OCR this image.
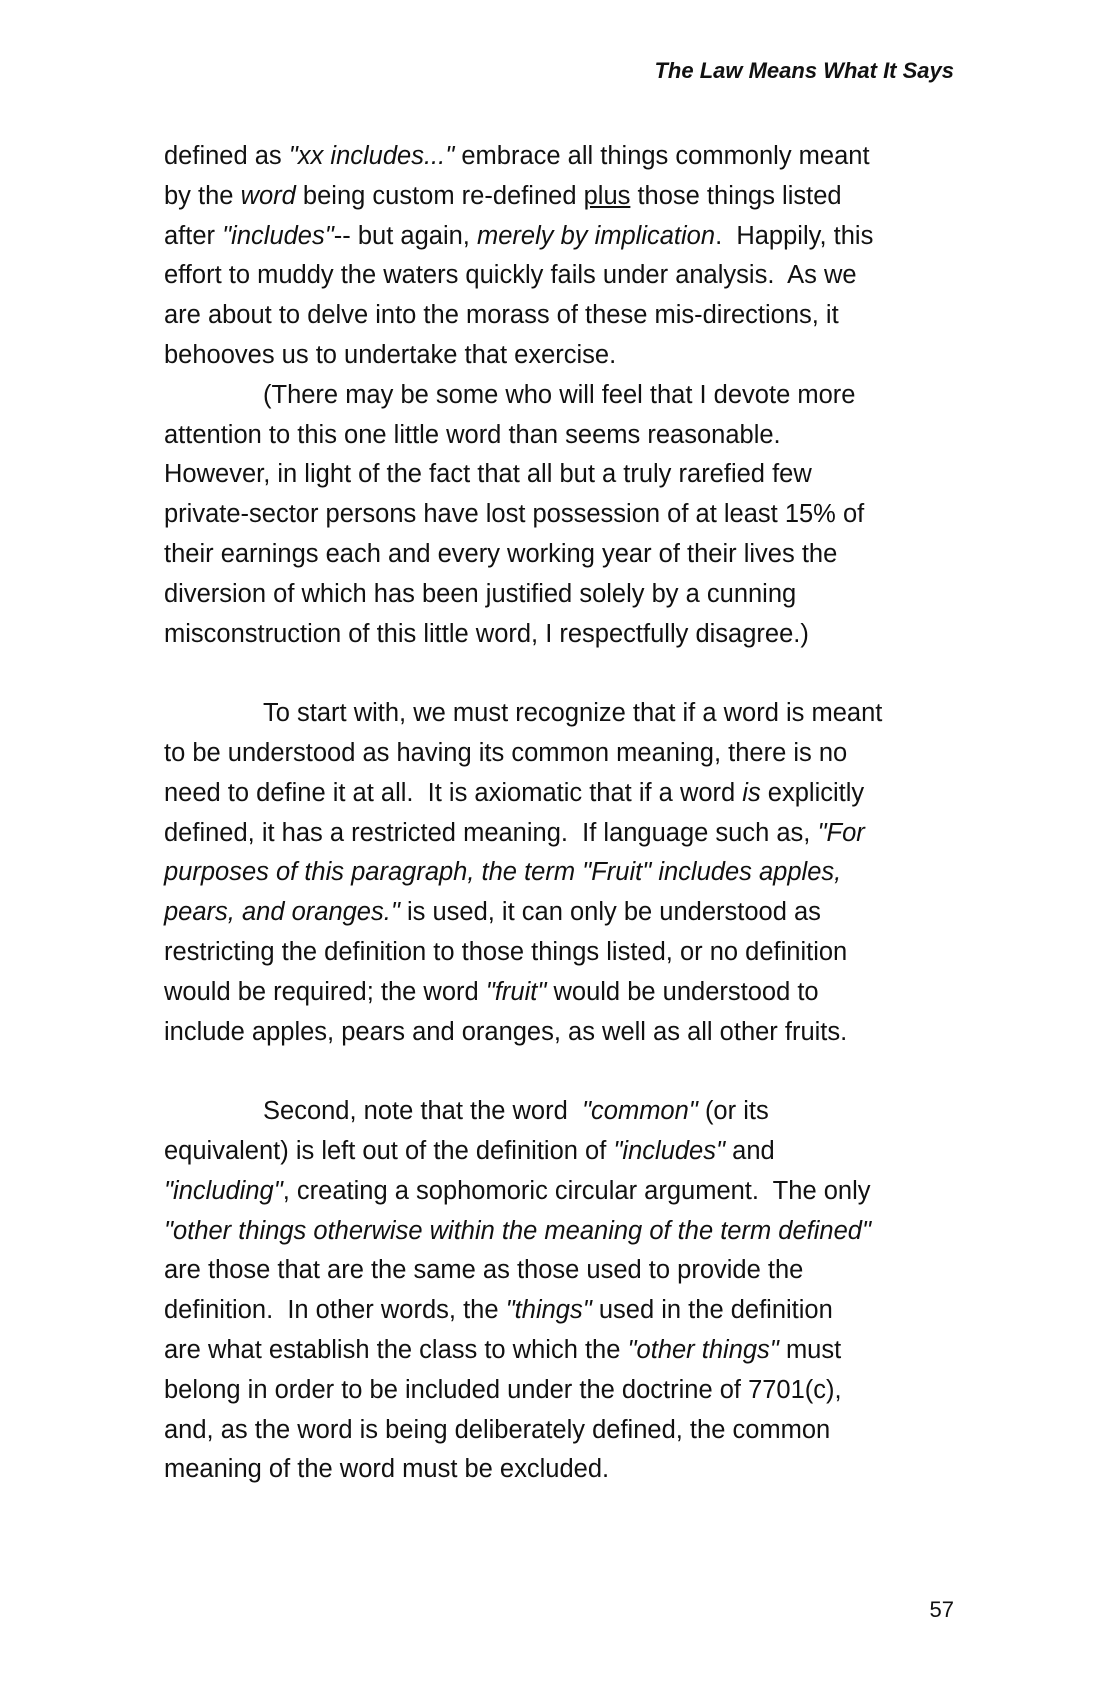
The Law Means What It Says
defined as "xx includes..." embrace all things commonly meant
by the word being custom re-defined plus those things listed
after "includes"-- but again, merely by implication.  Happily, this
effort to muddy the waters quickly fails under analysis.  As we
are about to delve into the morass of these mis-directions, it
behooves us to undertake that exercise.
(There may be some who will feel that I devote more
attention to this one little word than seems reasonable.
However, in light of the fact that all but a truly rarefied few
private-sector persons have lost possession of at least 15% of
their earnings each and every working year of their lives the
diversion of which has been justified solely by a cunning
misconstruction of this little word, I respectfully disagree.)
To start with, we must recognize that if a word is meant
to be understood as having its common meaning, there is no
need to define it at all.  It is axiomatic that if a word is explicitly
defined, it has a restricted meaning.  If language such as, "For
purposes of this paragraph, the term "Fruit" includes apples,
pears, and oranges." is used, it can only be understood as
restricting the definition to those things listed, or no definition
would be required; the word "fruit" would be understood to
include apples, pears and oranges, as well as all other fruits.
Second, note that the word  "common" (or its
equivalent) is left out of the definition of "includes" and
"including", creating a sophomoric circular argument.  The only
"other things otherwise within the meaning of the term defined"
are those that are the same as those used to provide the
definition.  In other words, the "things" used in the definition
are what establish the class to which the "other things" must
belong in order to be included under the doctrine of 7701(c),
and, as the word is being deliberately defined, the common
meaning of the word must be excluded.
57
